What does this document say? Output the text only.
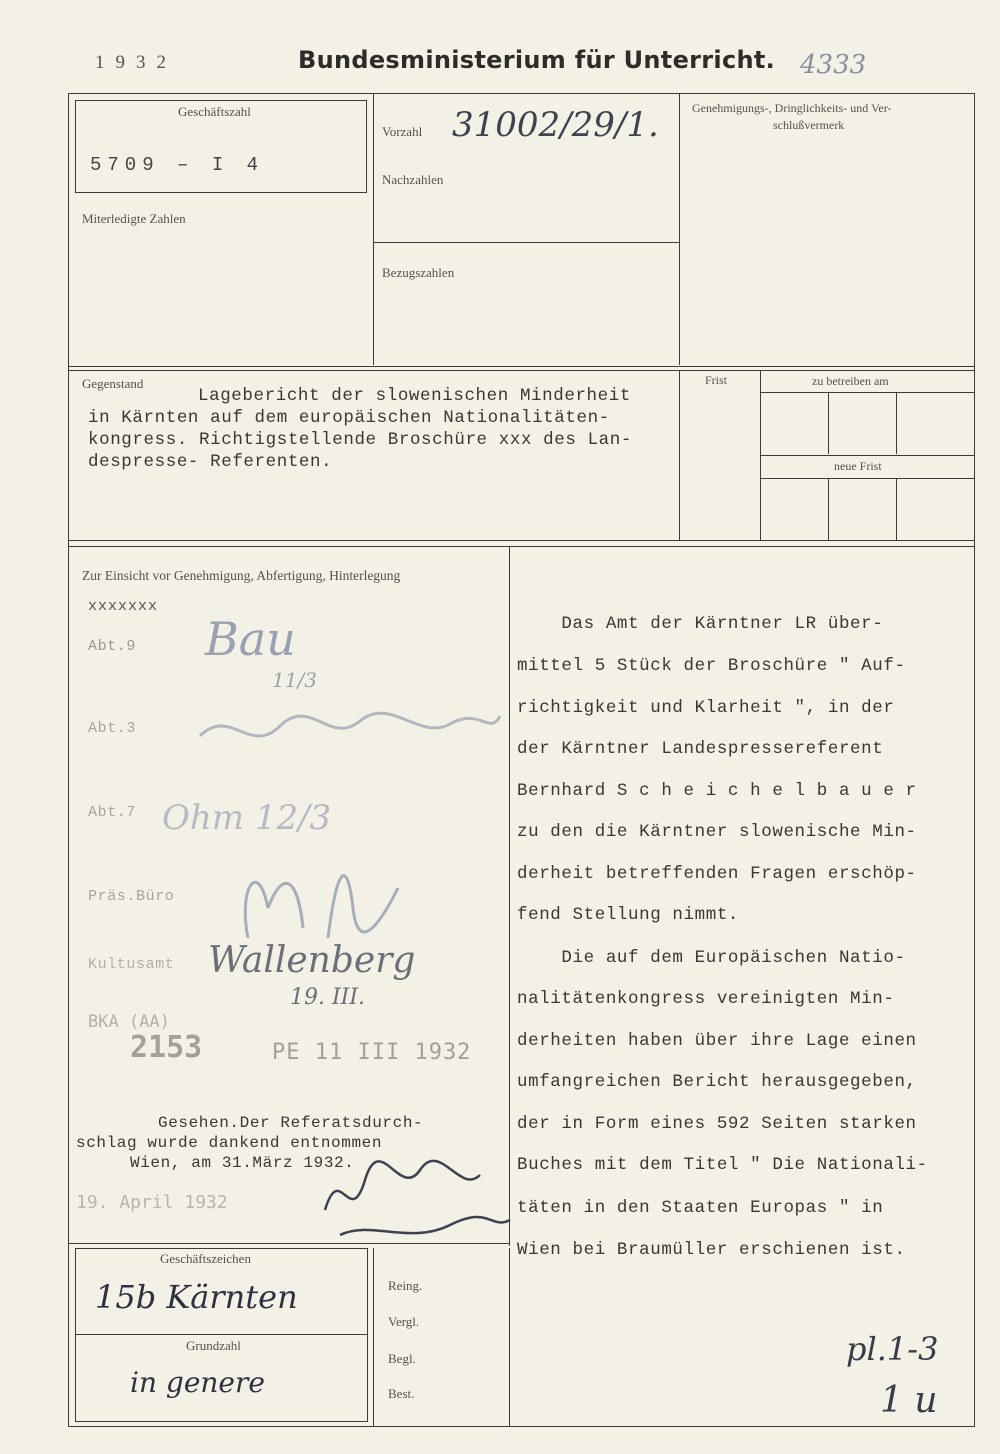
1932	Bundesministerium für Unterricht. 4333
Geschäftszahl
5709 – I 4
Miterledigte Zahlen
Vorzahl 31002/29/1.
Nachzahlen
Bezugszahlen
Genehmigungs-, Dringlichkeits- und Ver-
schlußvermerk
Gegenstand
Lagebericht der slowenischen Minderheit
in Kärnten auf dem europäischen Nationalitäten-
kongress. Richtigstellende Broschüre xxx des Lan-
despresse- Referenten.
Frist	zu betreiben am
neue Frist
Zur Einsicht vor Genehmigung, Abfertigung, Hinterlegung
xxxxxxx
Abt.9 Bau
11/3
Abt.3
Abt.7 Ohm 12/3
Präs.Büro
Kultusamt Wallenberg
19. III.
BKA (AA)
2153	PE 11 III 1932
Gesehen.Der Referatsdurch-
schlag wurde dankend entnommen
Wien, am 31.März 1932.
19. April 1932
Das Amt der Kärntner LR über-
mittel 5 Stück der Broschüre " Auf-
richtigkeit und Klarheit ", in der
der Kärntner Landespressereferent
Bernhard S c h e i c h e l b a u e r
zu den die Kärntner slowenische Min-
derheit betreffenden Fragen erschöp-
fend Stellung nimmt.
Die auf dem Europäischen Natio-
nalitätenkongress vereinigten Min-
derheiten haben über ihre Lage einen
umfangreichen Bericht herausgegeben,
der in Form eines 592 Seiten starken
Buches mit dem Titel " Die Nationali-
täten in den Staaten Europas " in
Wien bei Braumüller erschienen ist.
Geschäftszeichen
15b Kärnten
Grundzahl
in genere
Reing.
Vergl.
Begl.
Best.
pl.1-3
1 u
